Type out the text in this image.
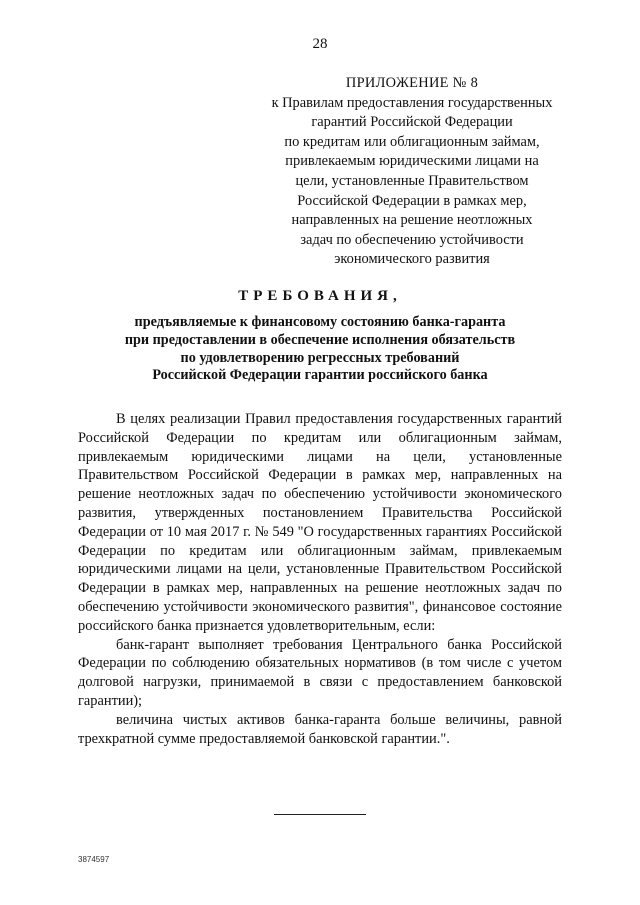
28
ПРИЛОЖЕНИЕ № 8
к Правилам предоставления государственных
гарантий Российской Федерации
по кредитам или облигационным займам,
привлекаемым юридическими лицами на
цели, установленные Правительством
Российской Федерации в рамках мер,
направленных на решение неотложных
задач по обеспечению устойчивости
экономического развития
ТРЕБОВАНИЯ,
предъявляемые к финансовому состоянию банка-гаранта
при предоставлении в обеспечение исполнения обязательств
по удовлетворению регрессных требований
Российской Федерации гарантии российского банка

В целях реализации Правил предоставления государственных гарантий Российской Федерации по кредитам или облигационным займам, привлекаемым юридическими лицами на цели, установленные Правительством Российской Федерации в рамках мер, направленных на решение неотложных задач по обеспечению устойчивости экономического развития, утвержденных постановлением Правительства Российской Федерации от 10 мая 2017 г. № 549 "О государственных гарантиях Российской Федерации по кредитам или облигационным займам, привлекаемым юридическими лицами на цели, установленные Правительством Российской Федерации в рамках мер, направленных на решение неотложных задач по обеспечению устойчивости экономического развития", финансовое состояние российского банка признается удовлетворительным, если:

банк-гарант выполняет требования Центрального банка Российской Федерации по соблюдению обязательных нормативов (в том числе с учетом долговой нагрузки, принимаемой в связи с предоставлением банковской гарантии);

величина чистых активов банка-гаранта больше величины, равной трехкратной сумме предоставляемой банковской гарантии.".

3874597
